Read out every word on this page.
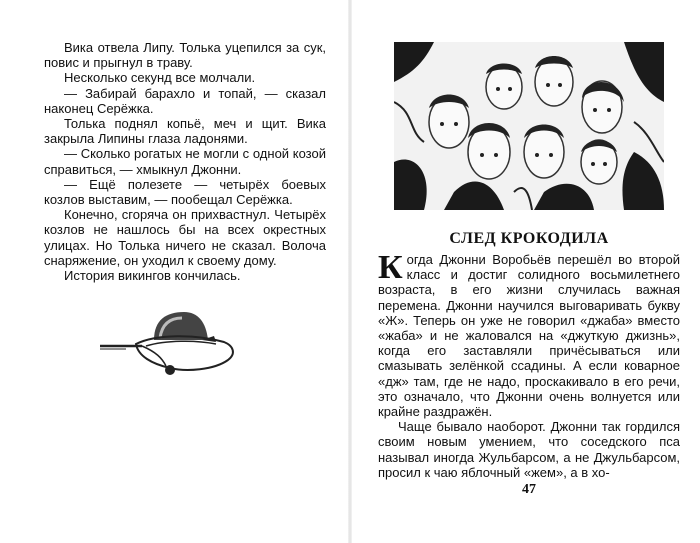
Вика отвела Липу. Толька уцепился за сук, повис и прыгнул в траву.

Несколько секунд все молчали.

— Забирай барахло и топай, — сказал наконец Серёжка.

Толька поднял копьё, меч и щит. Вика закрыла Липины глаза ладонями.

— Сколько рогатых не могли с одной козой справиться, — хмыкнул Джонни.

— Ещё полезете — четырёх боевых козлов выставим, — пообещал Серёжка.

Конечно, сгоряча он прихвастнул. Четырёх козлов не нашлось бы на всех окрестных улицах. Но Толька ничего не сказал. Волоча снаряжение, он уходил к своему дому.

История викингов кончилась.

СЛЕД КРОКОДИЛА

Когда Джонни Воробьёв перешёл во второй класс и достиг солидного восьмилетнего возраста, в его жизни случилась важная перемена. Джонни научился выговаривать букву «Ж». Теперь он уже не говорил «джаба» вместо «жаба» и не жаловался на «джуткую джизнь», когда его заставляли причёсываться или смазывать зелёнкой ссадины. А если коварное «дж» там, где не надо, проскакивало в его речи, это означало, что Джонни очень волнуется или крайне раздражён.

Чаще бывало наоборот. Джонни так гордился своим новым умением, что соседского пса называл иногда Жульбарсом, а не Джульбарсом, просил к чаю яблочный «жем», а в хо-

47
